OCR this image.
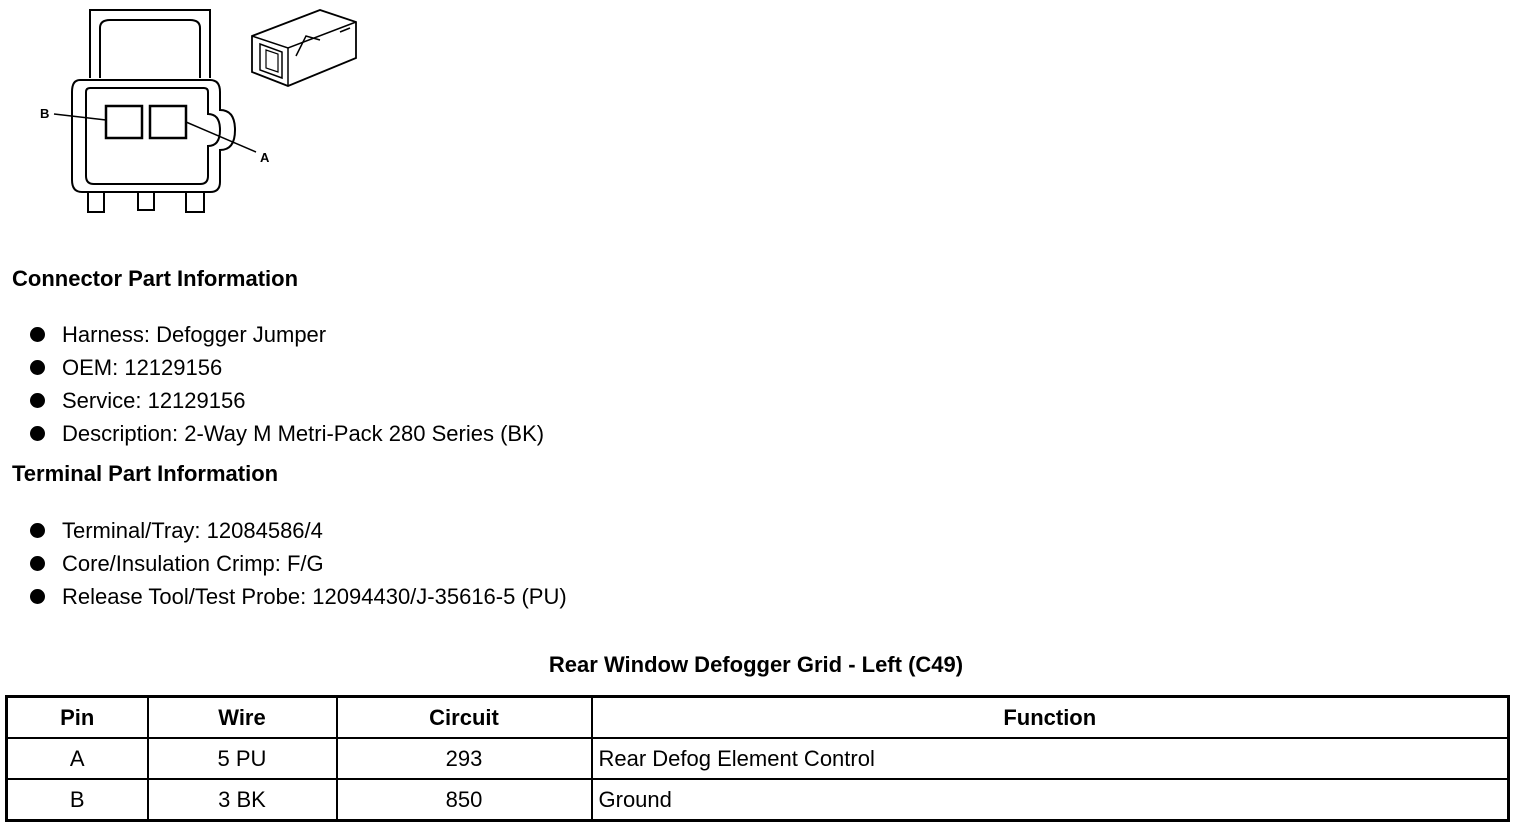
B
A
Connector Part Information
Harness: Defogger Jumper
OEM: 12129156
Service: 12129156
Description: 2-Way M Metri-Pack 280 Series (BK)
Terminal Part Information
Terminal/Tray: 12084586/4
Core/Insulation Crimp: F/G
Release Tool/Test Probe: 12094430/J-35616-5 (PU)
Rear Window Defogger Grid - Left (C49)
Pin	Wire	Circuit	Function
A	5 PU	293	Rear Defog Element Control
B	3 BK	850	Ground
